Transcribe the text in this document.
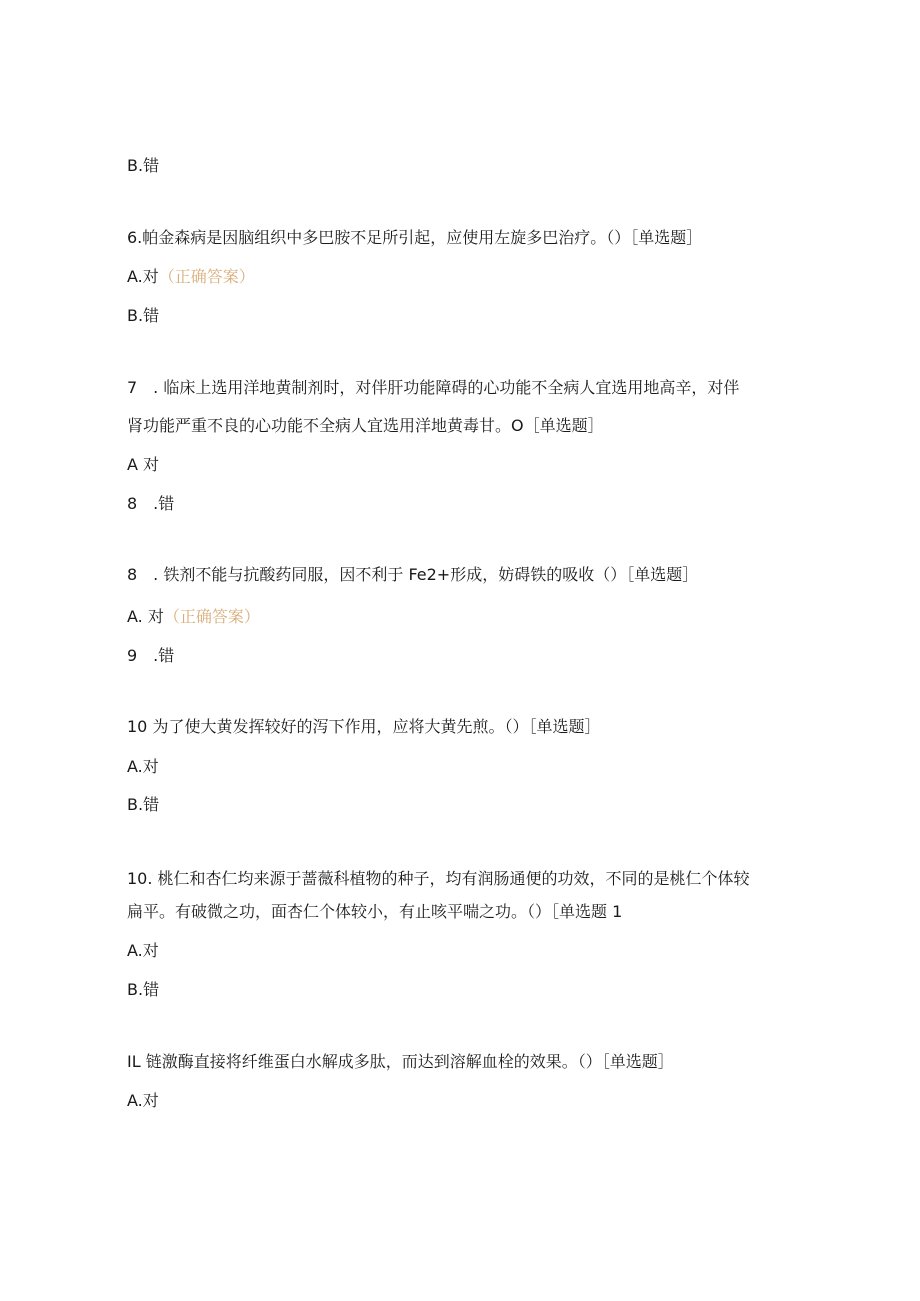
B.错
6.帕金森病是因脑组织中多巴胺不足所引起，应使用左旋多巴治疗。（）［单选题］
A.对（正确答案）
B.错
7　. 临床上选用洋地黄制剂时，对伴肝功能障碍的心功能不全病人宜选用地高辛，对伴
肾功能严重不良的心功能不全病人宜选用洋地黄毒甘。O［单选题］
A 对
8　.错
8　. 铁剂不能与抗酸药同服，因不利于 Fe2+形成，妨碍铁的吸收（）［单选题］
A. 对（正确答案）
9　.错
10 为了使大黄发挥较好的泻下作用，应将大黄先煎。（）［单选题］
A.对
B.错
10. 桃仁和杏仁均来源于蔷薇科植物的种子，均有润肠通便的功效，不同的是桃仁个体较
扁平。有破微之功，面杏仁个体较小，有止咳平喘之功。（）［单选题 1
A.对
B.错
IL 链激酶直接将纤维蛋白水解成多肽，而达到溶解血栓的效果。（）［单选题］
A.对
